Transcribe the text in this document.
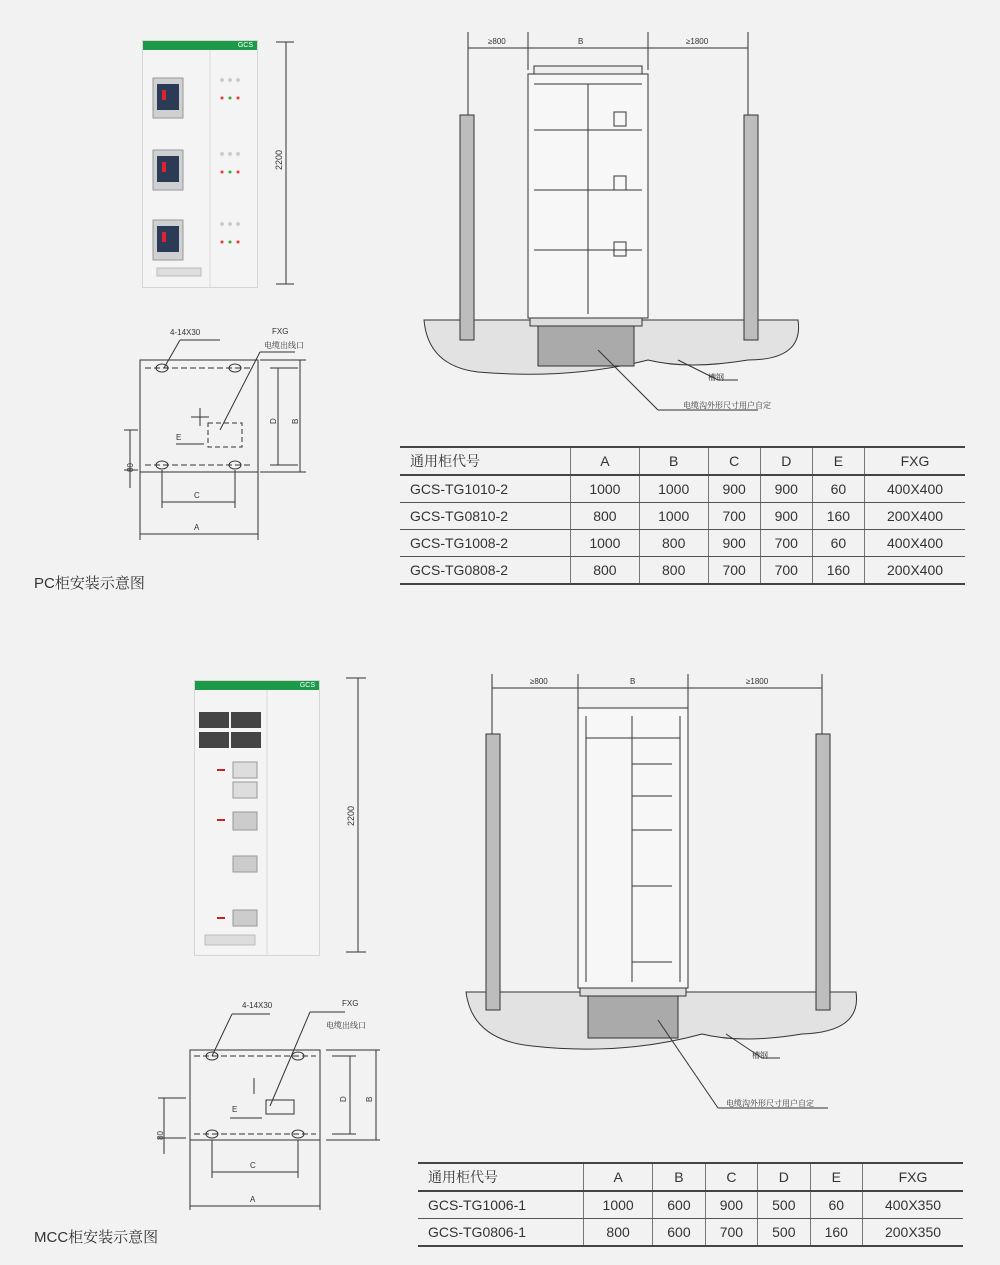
GCS
2200
4-14X30	FXG
电缆出线口
E
D B
80
C
A
PC柜安装示意图
≥800	B	≥1800
槽钢
电缆沟外形尺寸用户自定
通用柜代号	A	B	C	D	E	FXG
GCS-TG1010-2	1000	1000	900	900	60	400X400
GCS-TG0810-2	800	1000	700	900	160	200X400
GCS-TG1008-2	1000	800	900	700	60	400X400
GCS-TG0808-2	800	800	700	700	160	200X400
GCS
2200
4-14X30	FXG
电缆出线口
E
D B
80
C
A
MCC柜安装示意图
≥800	B	≥1800
槽钢
电缆沟外形尺寸用户自定
通用柜代号	A	B	C	D	E	FXG
GCS-TG1006-1	1000	600	900	500	60	400X350
GCS-TG0806-1	800	600	700	500	160	200X350
